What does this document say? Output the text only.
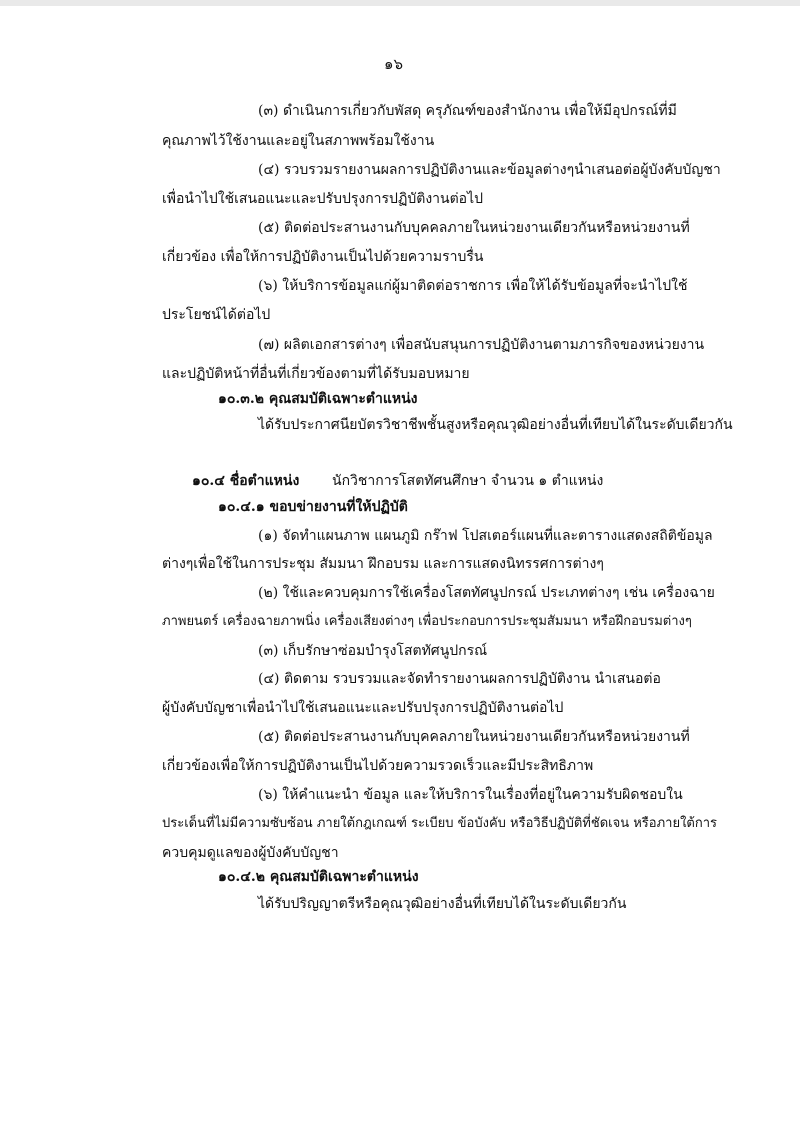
๑๖
(๓) ดำเนินการเกี่ยวกับพัสดุ ครุภัณฑ์ของสำนักงาน เพื่อให้มีอุปกรณ์ที่มี
คุณภาพไว้ใช้งานและอยู่ในสภาพพร้อมใช้งาน
(๔) รวบรวมรายงานผลการปฏิบัติงานและข้อมูลต่างๆนำเสนอต่อผู้บังคับบัญชา
เพื่อนำไปใช้เสนอแนะและปรับปรุงการปฏิบัติงานต่อไป
(๕) ติดต่อประสานงานกับบุคคลภายในหน่วยงานเดียวกันหรือหน่วยงานที่
เกี่ยวข้อง เพื่อให้การปฏิบัติงานเป็นไปด้วยความราบรื่น
(๖) ให้บริการข้อมูลแก่ผู้มาติดต่อราชการ เพื่อให้ได้รับข้อมูลที่จะนำไปใช้
ประโยชน์ได้ต่อไป
(๗) ผลิตเอกสารต่างๆ เพื่อสนับสนุนการปฏิบัติงานตามภารกิจของหน่วยงาน
และปฏิบัติหน้าที่อื่นที่เกี่ยวข้องตามที่ได้รับมอบหมาย
๑๐.๓.๒ คุณสมบัติเฉพาะตำแหน่ง
ได้รับประกาศนียบัตรวิชาชีพชั้นสูงหรือคุณวุฒิอย่างอื่นที่เทียบได้ในระดับเดียวกัน
๑๐.๔ ชื่อตำแหน่ง นักวิชาการโสตทัศนศึกษา จำนวน ๑ ตำแหน่ง
๑๐.๔.๑ ขอบข่ายงานที่ให้ปฏิบัติ
(๑) จัดทำแผนภาพ แผนภูมิ กร๊าฟ โปสเตอร์แผนที่และตารางแสดงสถิติข้อมูล
ต่างๆเพื่อใช้ในการประชุม สัมมนา ฝึกอบรม และการแสดงนิทรรศการต่างๆ
(๒) ใช้และควบคุมการใช้เครื่องโสตทัศนูปกรณ์ ประเภทต่างๆ เช่น เครื่องฉาย
ภาพยนตร์ เครื่องฉายภาพนิ่ง เครื่องเสียงต่างๆ เพื่อประกอบการประชุมสัมมนา หรือฝึกอบรมต่างๆ
(๓) เก็บรักษาซ่อมบำรุงโสตทัศนูปกรณ์
(๔) ติดตาม รวบรวมและจัดทำรายงานผลการปฏิบัติงาน นำเสนอต่อ
ผู้บังคับบัญชาเพื่อนำไปใช้เสนอแนะและปรับปรุงการปฏิบัติงานต่อไป
(๕) ติดต่อประสานงานกับบุคคลภายในหน่วยงานเดียวกันหรือหน่วยงานที่
เกี่ยวข้องเพื่อให้การปฏิบัติงานเป็นไปด้วยความรวดเร็วและมีประสิทธิภาพ
(๖) ให้คำแนะนำ ข้อมูล และให้บริการในเรื่องที่อยู่ในความรับผิดชอบใน
ประเด็นที่ไม่มีความซับซ้อน ภายใต้กฎเกณฑ์ ระเบียบ ข้อบังคับ หรือวิธีปฏิบัติที่ชัดเจน หรือภายใต้การ
ควบคุมดูแลของผู้บังคับบัญชา
๑๐.๔.๒ คุณสมบัติเฉพาะตำแหน่ง
ได้รับปริญญาตรีหรือคุณวุฒิอย่างอื่นที่เทียบได้ในระดับเดียวกัน
